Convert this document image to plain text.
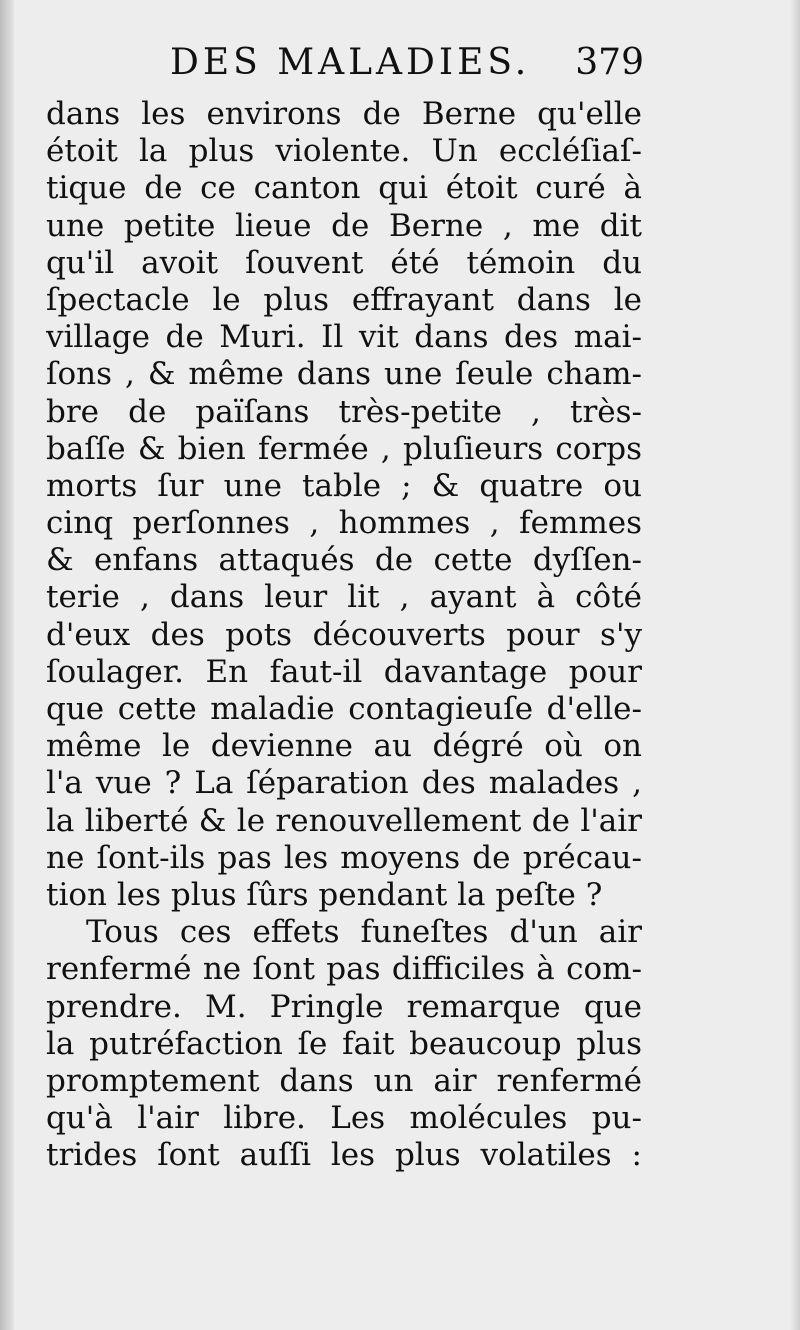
DES MALADIES. 379
dans les environs de Berne qu'elle
étoit la plus violente. Un eccléſiaſ-
tique de ce canton qui étoit curé à
une petite lieue de Berne , me dit
qu'il avoit ſouvent été témoin du
ſpectacle le plus effrayant dans le
village de Muri. Il vit dans des mai-
ſons , & même dans une ſeule cham-
bre de païſans très-petite , très-
baſſe & bien fermée , pluſieurs corps
morts ſur une table ; & quatre ou
cinq perſonnes , hommes , femmes
& enfans attaqués de cette dyſſen-
terie , dans leur lit , ayant à côté
d'eux des pots découverts pour s'y
ſoulager. En faut-il davantage pour
que cette maladie contagieuſe d'elle-
même le devienne au dégré où on
l'a vue ? La ſéparation des malades ,
la liberté & le renouvellement de l'air
ne ſont-ils pas les moyens de précau-
tion les plus ſûrs pendant la peſte ?
Tous ces effets funeſtes d'un air
renfermé ne ſont pas difficiles à com-
prendre. M. Pringle remarque que
la putréfaction ſe fait beaucoup plus
promptement dans un air renfermé
qu'à l'air libre. Les molécules pu-
trides ſont auſſi les plus volatiles :
